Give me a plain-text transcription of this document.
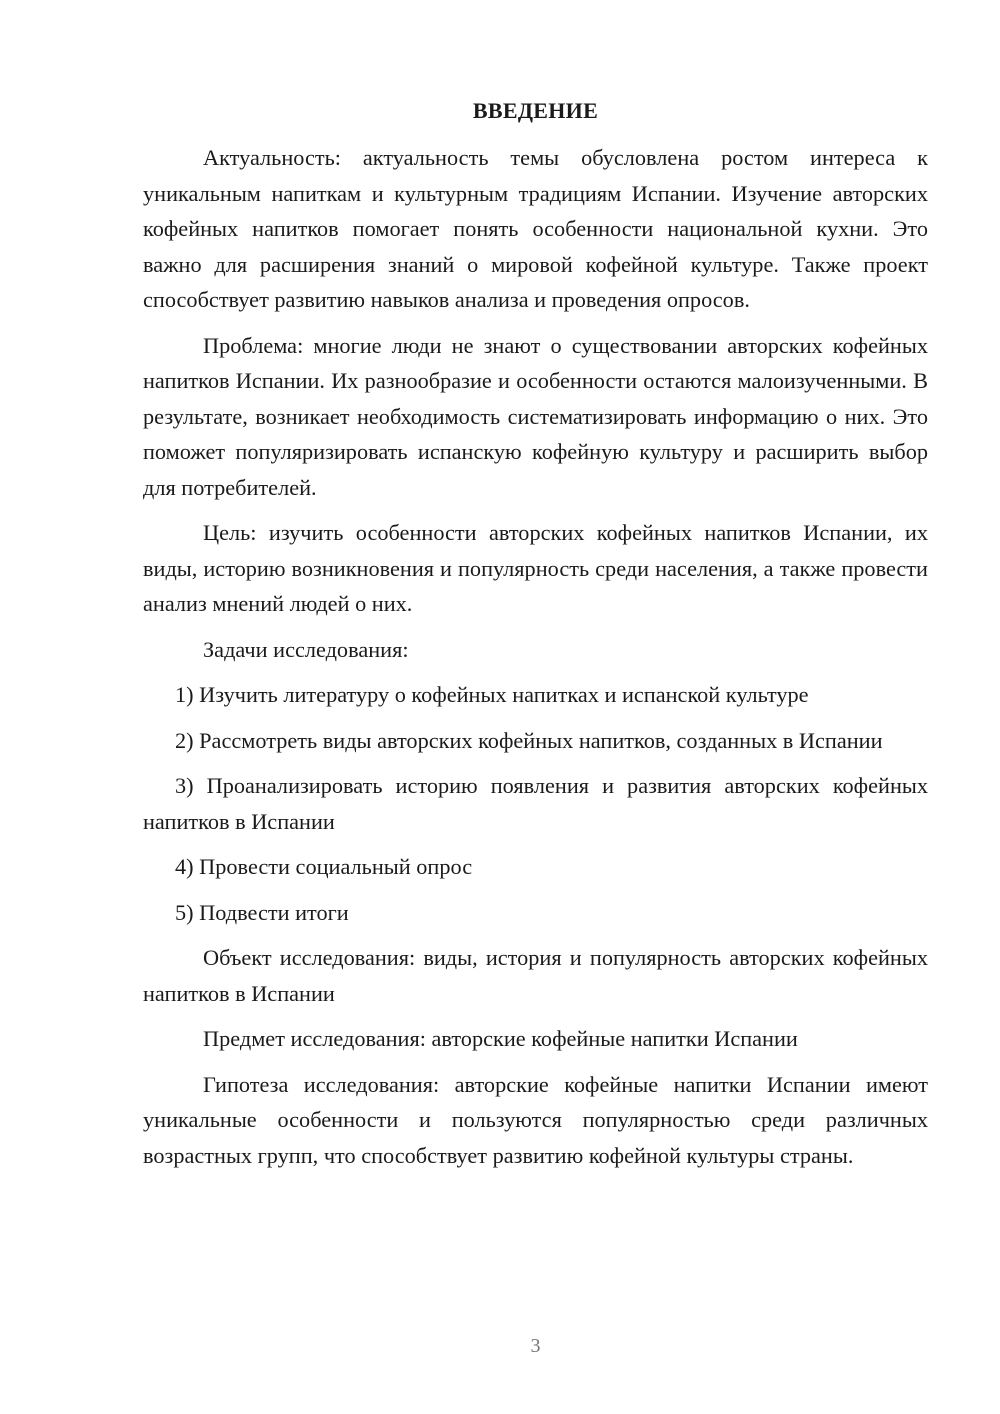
ВВЕДЕНИЕ

Актуальность: актуальность темы обусловлена ростом интереса к уникальным напиткам и культурным традициям Испании. Изучение авторских кофейных напитков помогает понять особенности национальной кухни. Это важно для расширения знаний о мировой кофейной культуре. Также проект способствует развитию навыков анализа и проведения опросов.

Проблема: многие люди не знают о существовании авторских кофейных напитков Испании. Их разнообразие и особенности остаются малоизученными. В результате, возникает необходимость систематизировать информацию о них. Это поможет популяризировать испанскую кофейную культуру и расширить выбор для потребителей.

Цель: изучить особенности авторских кофейных напитков Испании, их виды, историю возникновения и популярность среди населения, а также провести анализ мнений людей о них.

Задачи исследования:

1) Изучить литературу о кофейных напитках и испанской культуре

2) Рассмотреть виды авторских кофейных напитков, созданных в Испании

3) Проанализировать историю появления и развития авторских кофейных напитков в Испании

4) Провести социальный опрос

5) Подвести итоги

Объект исследования: виды, история и популярность авторских кофейных напитков в Испании

Предмет исследования: авторские кофейные напитки Испании

Гипотеза исследования: авторские кофейные напитки Испании имеют уникальные особенности и пользуются популярностью среди различных возрастных групп, что способствует развитию кофейной культуры страны.

3
